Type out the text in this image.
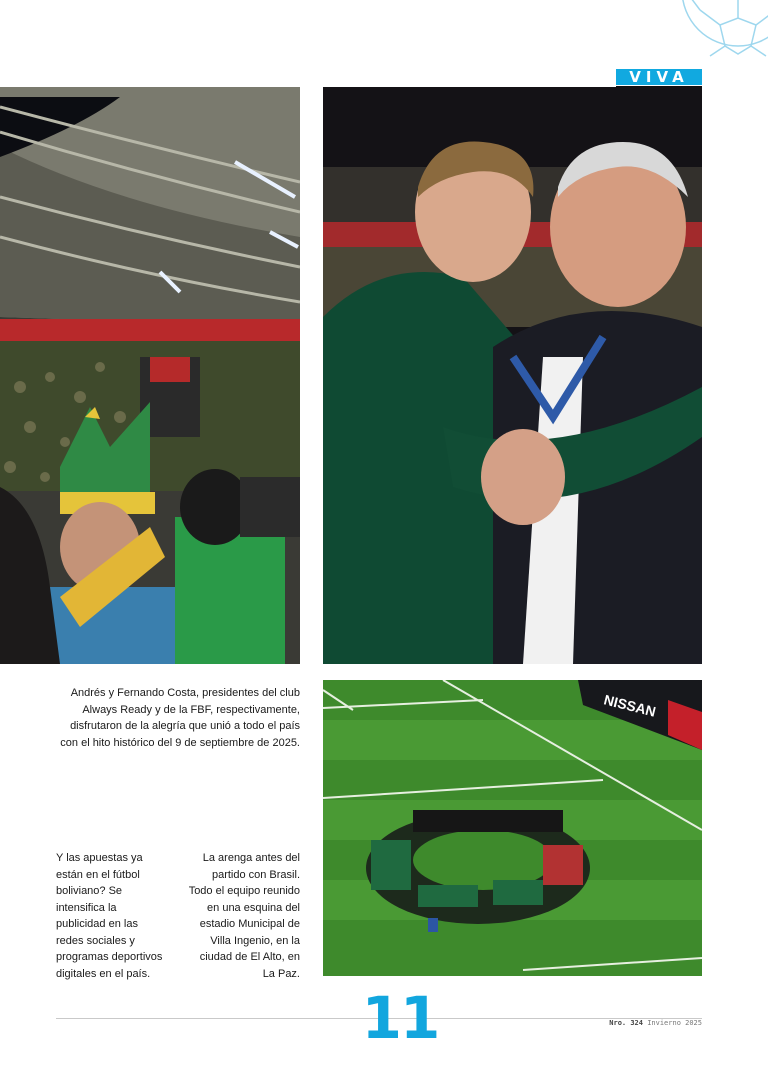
VIVA
NISSAN
Andrés y Fernando Costa, presidentes del club Always Ready y de la FBF, respectivamente, disfrutaron de la alegría que unió a todo el país con el hito histórico del 9 de septiembre de 2025.
Y las apuestas ya están en el fútbol boliviano? Se intensifica la publicidad en las redes sociales y programas deportivos digitales en el país.
La arenga antes del partido con Brasil. Todo el equipo reunido en una esquina del estadio Municipal de Villa Ingenio, en la ciudad de El Alto, en La Paz.
11	Nro. 324 Invierno 2025
